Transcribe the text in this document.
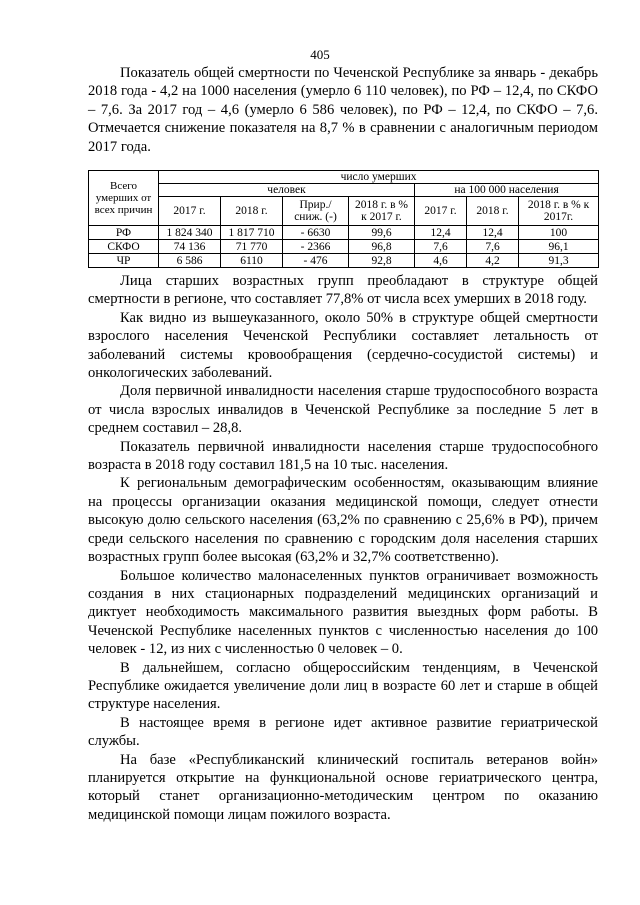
405

Показатель общей смертности по Чеченской Республике за январь - декабрь 2018 года - 4,2 на 1000 населения (умерло 6 110 человек), по РФ – 12,4, по СКФО – 7,6. За 2017 год – 4,6 (умерло 6 586 человек), по РФ – 12,4, по СКФО – 7,6. Отмечается снижение показателя на 8,7 % в сравнении с аналогичным периодом 2017 года.

Всего умерших от всех причин	число умерших						
	человек				на 100 000 населения		
	2017 г.	2018 г.	Прир./ сниж. (-)	2018 г. в % к 2017 г.	2017 г.	2018 г.	2018 г. в % к 2017г.
РФ	1 824 340	1 817 710	- 6630	99,6	12,4	12,4	100
СКФО	74 136	71 770	- 2366	96,8	7,6	7,6	96,1
ЧР	6 586	6110	- 476	92,8	4,6	4,2	91,3

Лица старших возрастных групп преобладают в структуре общей смертности в регионе, что составляет 77,8% от числа всех умерших в 2018 году.

Как видно из вышеуказанного, около 50% в структуре общей смертности взрослого населения Чеченской Республики составляет летальность от заболеваний системы кровообращения (сердечно-сосудистой системы) и онкологических заболеваний.

Доля первичной инвалидности населения старше трудоспособного возраста от числа взрослых инвалидов в Чеченской Республике за последние 5 лет в среднем составил – 28,8.

Показатель первичной инвалидности населения старше трудоспособного возраста в 2018 году составил 181,5 на 10 тыс. населения.

К региональным демографическим особенностям, оказывающим влияние на процессы организации оказания медицинской помощи, следует отнести высокую долю сельского населения (63,2% по сравнению с 25,6% в РФ), причем среди сельского населения по сравнению с городским доля населения старших возрастных групп более высокая (63,2% и 32,7% соответственно).

Большое количество малонаселенных пунктов ограничивает возможность создания в них стационарных подразделений медицинских организаций и диктует необходимость максимального развития выездных форм работы. В Чеченской Республике населенных пунктов с численностью населения до 100 человек - 12, из них с численностью 0 человек – 0.

В дальнейшем, согласно общероссийским тенденциям, в Чеченской Республике ожидается увеличение доли лиц в возрасте 60 лет и старше в общей структуре населения.

В настоящее время в регионе идет активное развитие гериатрической службы.

На базе «Республиканский клинический госпиталь ветеранов войн» планируется открытие на функциональной основе гериатрического центра, который станет организационно-методическим центром по оказанию медицинской помощи лицам пожилого возраста.
